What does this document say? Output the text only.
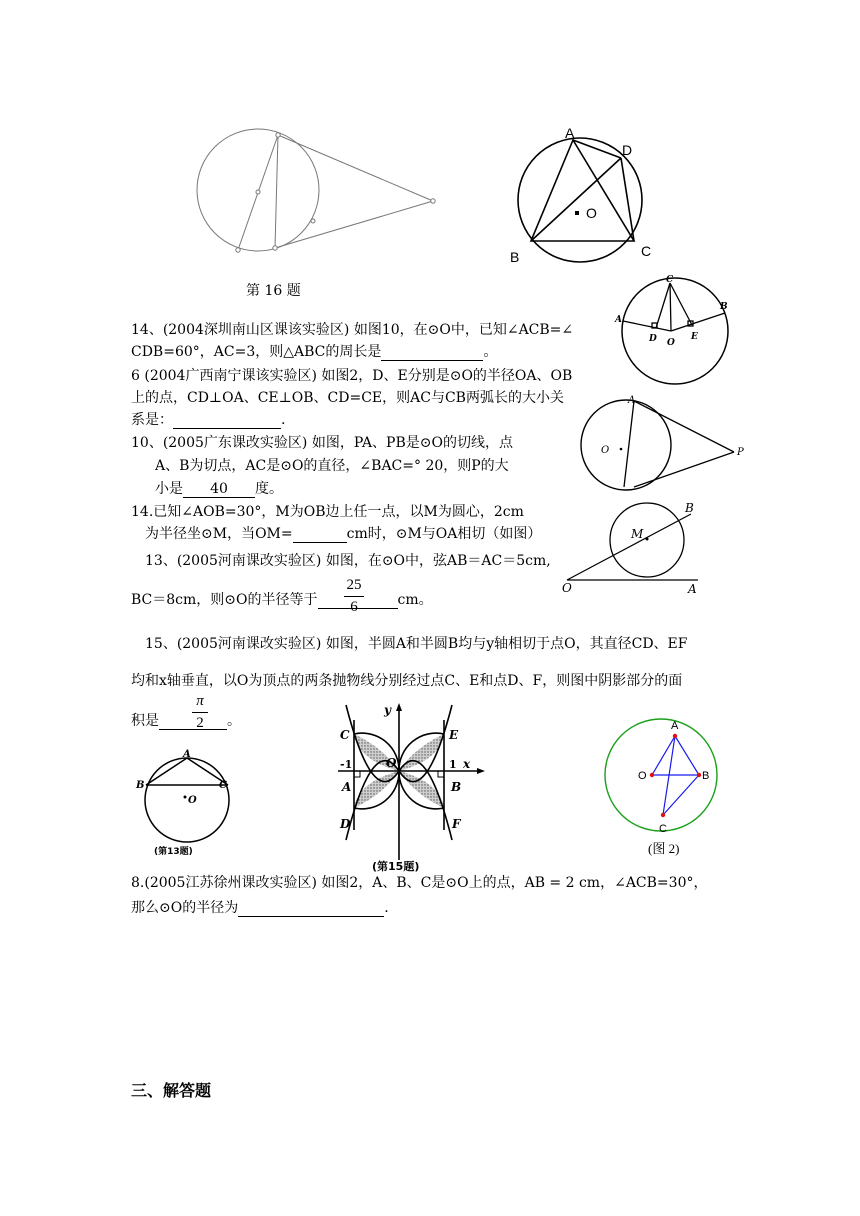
第 16 题
A
D
O
B	C
C
A
B
D O
E
A
O	P
M
B
O	A
14、(2004深圳南山区课该实验区) 如图10，在⊙O中，已知∠ACB=∠
CDB=60°，AC=3，则△ABC的周长是	。
6 (2004广西南宁课该实验区) 如图2，D、E分别是⊙O的半径OA、OB
上的点，CD⊥OA、CE⊥OB、CD=CE，则AC与CB两弧长的大小关
系是：	.
10、(2005广东课改实验区) 如图，PA、PB是⊙O的切线，点
A、B为切点，AC是⊙O的直径，∠BAC=° 20，则P的大
小是 40 度。
14.已知∠AOB=30°，M为OB边上任一点，以M为圆心，2cm
为半径坐⊙M，当OM=	cm时，⊙M与OA相切（如图）
13、(2005河南课改实验区) 如图，在⊙O中，弦AB＝AC＝5cm,
BC＝8cm，则⊙O的半径等于	cm。
25
6
15、(2005河南课改实验区) 如图，半圆A和半圆B均与y轴相切于点O，其直径CD、EF
均和x轴垂直，以O为顶点的两条抛物线分别经过点C、E和点D、F，则图中阴影部分的面
积是	。
π
2
A
B	C
O
(第13题)
y
x
C	E
A	B
D	F
O
-1	1
(第15题)
A
O	B
C
(图 2)
8.(2005江苏徐州课改实验区) 如图2，A、B、C是⊙O上的点，AB = 2 cm，∠ACB=30°，
那么⊙O的半径为	.
三、解答题
